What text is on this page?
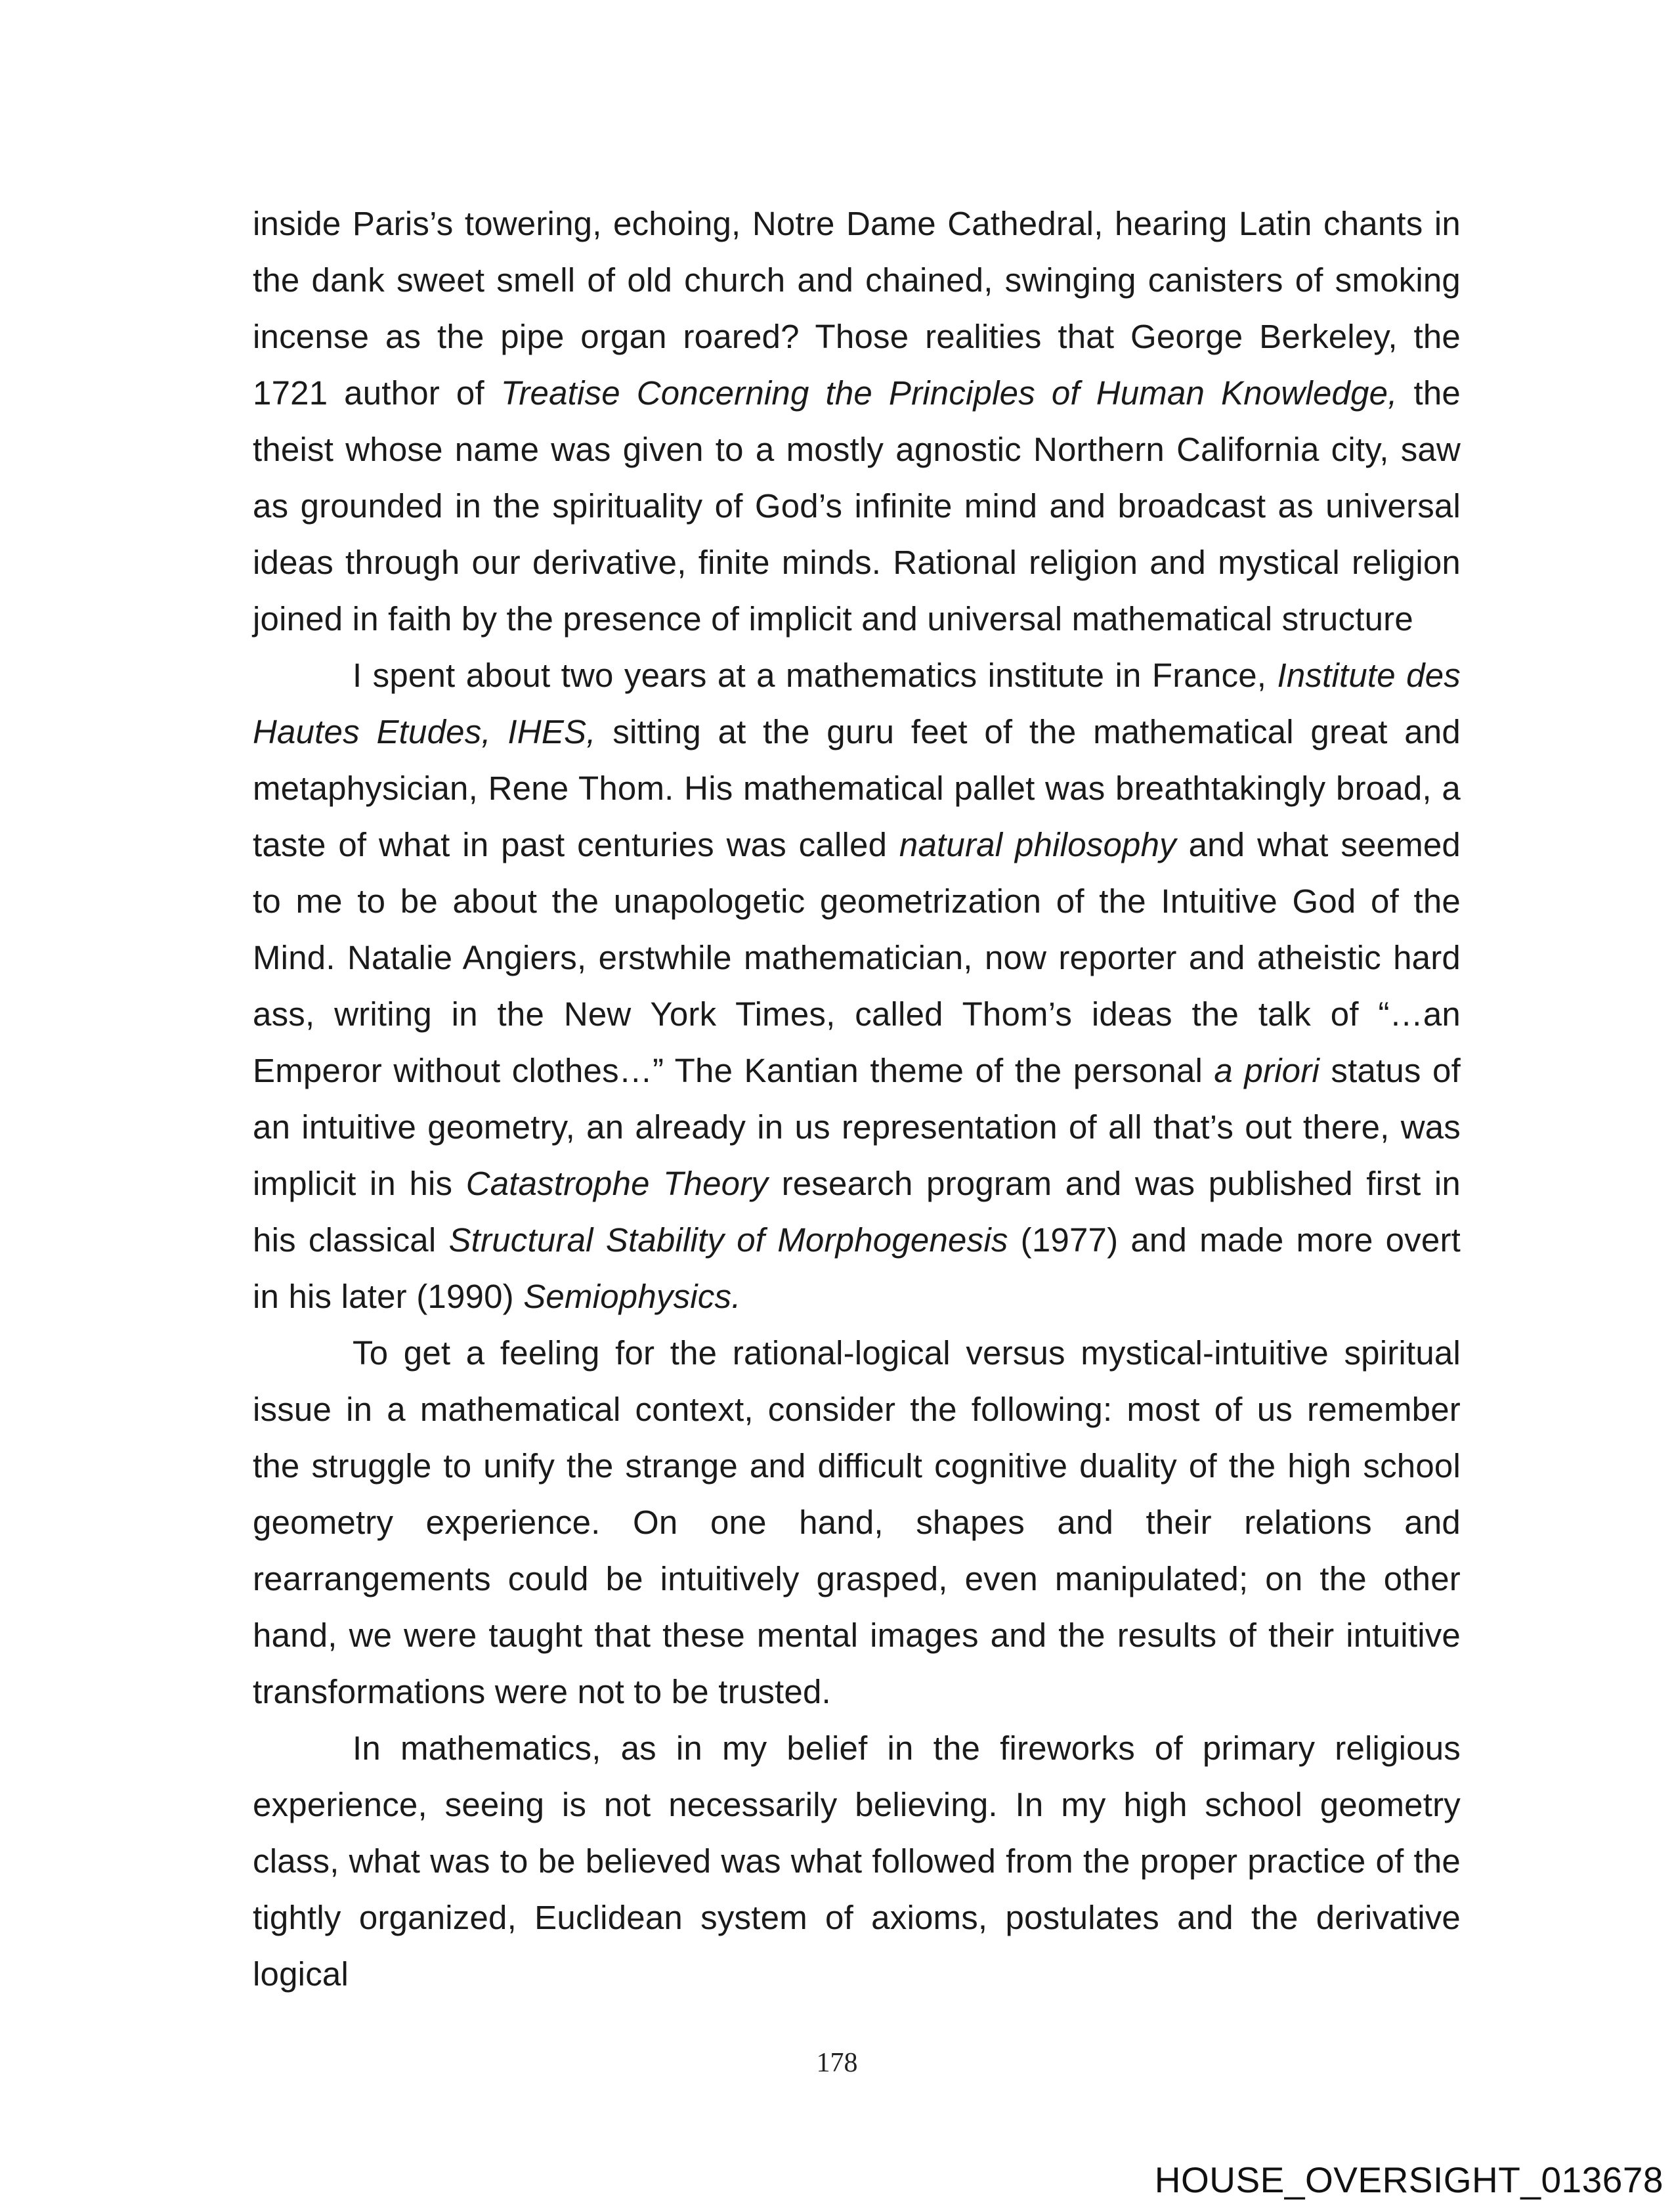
inside Paris’s towering, echoing, Notre Dame Cathedral, hearing Latin chants in the dank sweet smell of old church and chained, swinging canisters of smoking incense as the pipe organ roared? Those realities that George Berkeley, the 1721 author of Treatise Concerning the Principles of Human Knowledge, the theist whose name was given to a mostly agnostic Northern California city, saw as grounded in the spirituality of God’s infinite mind and broadcast as universal ideas through our derivative, finite minds. Rational religion and mystical religion joined in faith by the presence of implicit and universal mathematical structure

I spent about two years at a mathematics institute in France, Institute des Hautes Etudes, IHES, sitting at the guru feet of the mathematical great and metaphysician, Rene Thom. His mathematical pallet was breathtakingly broad, a taste of what in past centuries was called natural philosophy and what seemed to me to be about the unapologetic geometrization of the Intuitive God of the Mind. Natalie Angiers, erstwhile mathematician, now reporter and atheistic hard ass, writing in the New York Times, called Thom’s ideas the talk of “…an Emperor without clothes…” The Kantian theme of the personal a priori status of an intuitive geometry, an already in us representation of all that’s out there, was implicit in his Catastrophe Theory research program and was published first in his classical Structural Stability of Morphogenesis (1977) and made more overt in his later (1990) Semiophysics.

To get a feeling for the rational-logical versus mystical-intuitive spiritual issue in a mathematical context, consider the following: most of us remember the struggle to unify the strange and difficult cognitive duality of the high school geometry experience. On one hand, shapes and their relations and rearrangements could be intuitively grasped, even manipulated; on the other hand, we were taught that these mental images and the results of their intuitive transformations were not to be trusted.

In mathematics, as in my belief in the fireworks of primary religious experience, seeing is not necessarily believing. In my high school geometry class, what was to be believed was what followed from the proper practice of the tightly organized, Euclidean system of axioms, postulates and the derivative logical

178
HOUSE_OVERSIGHT_013678
